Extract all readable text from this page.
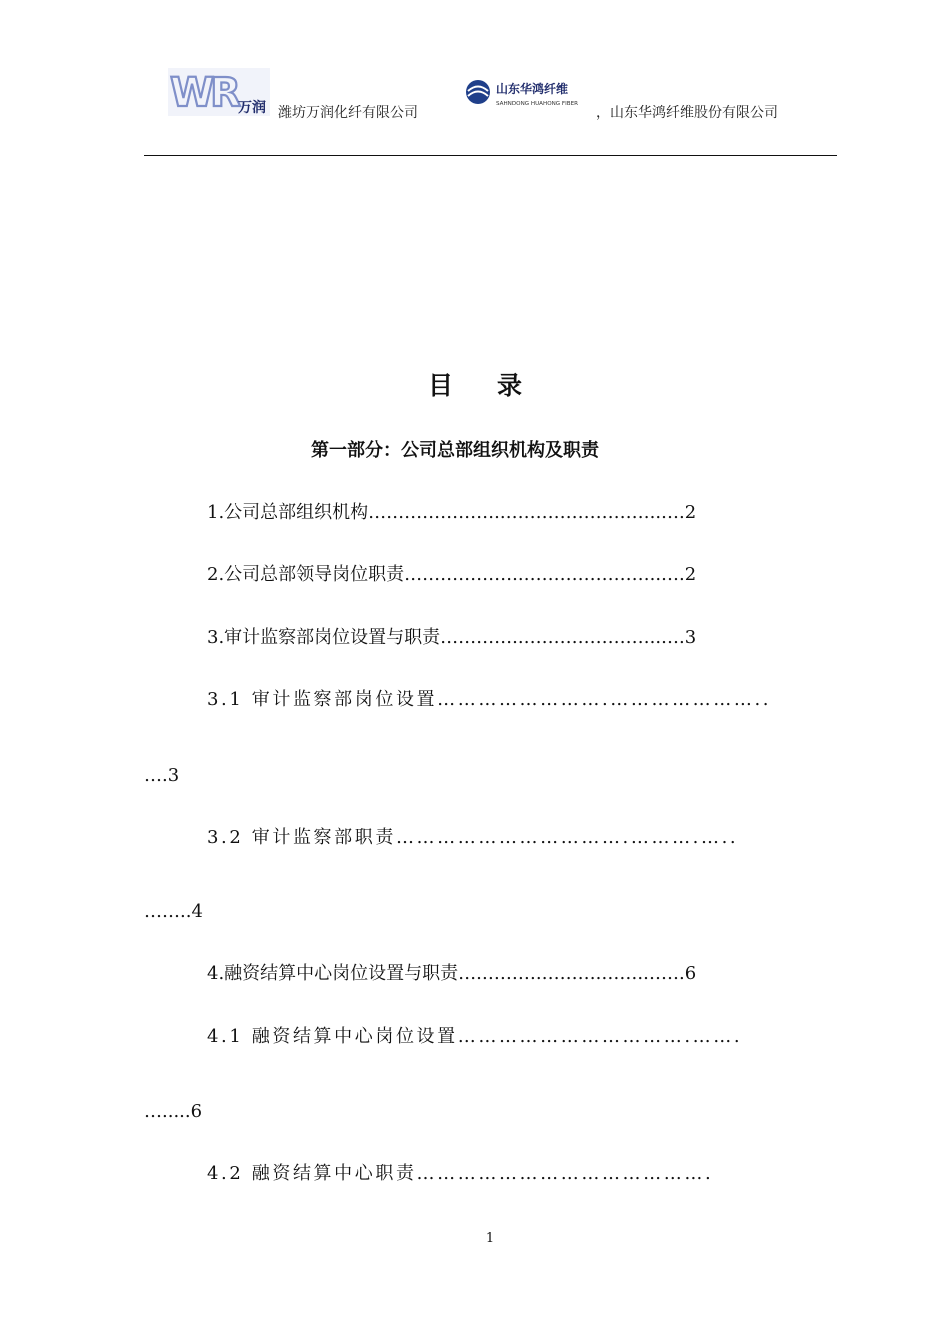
WR 万润 潍坊万润化纤有限公司
山东华鸿纤维
SAHNDONG HUAHONG FIBER
，山东华鸿纤维股份有限公司
目录
第一部分：公司总部组织机构及职责
1.公司总部组织机构…………………..……………………..….2
2.公司总部领导岗位职责………………..…………………..….2
3.审计监察部岗位设置与职责…………..…………………..….3
3.1 审计监察部岗位设置…………………….…………………..
….3
3.2 审计监察部职责…………………………….……….…..
……..4
4.融资结算中心岗位设置与职责….……….……….…….…….6
4.1 融资结算中心岗位设置…………………………….…….
….....6
4.2 融资结算中心职责…………………………………….
1
